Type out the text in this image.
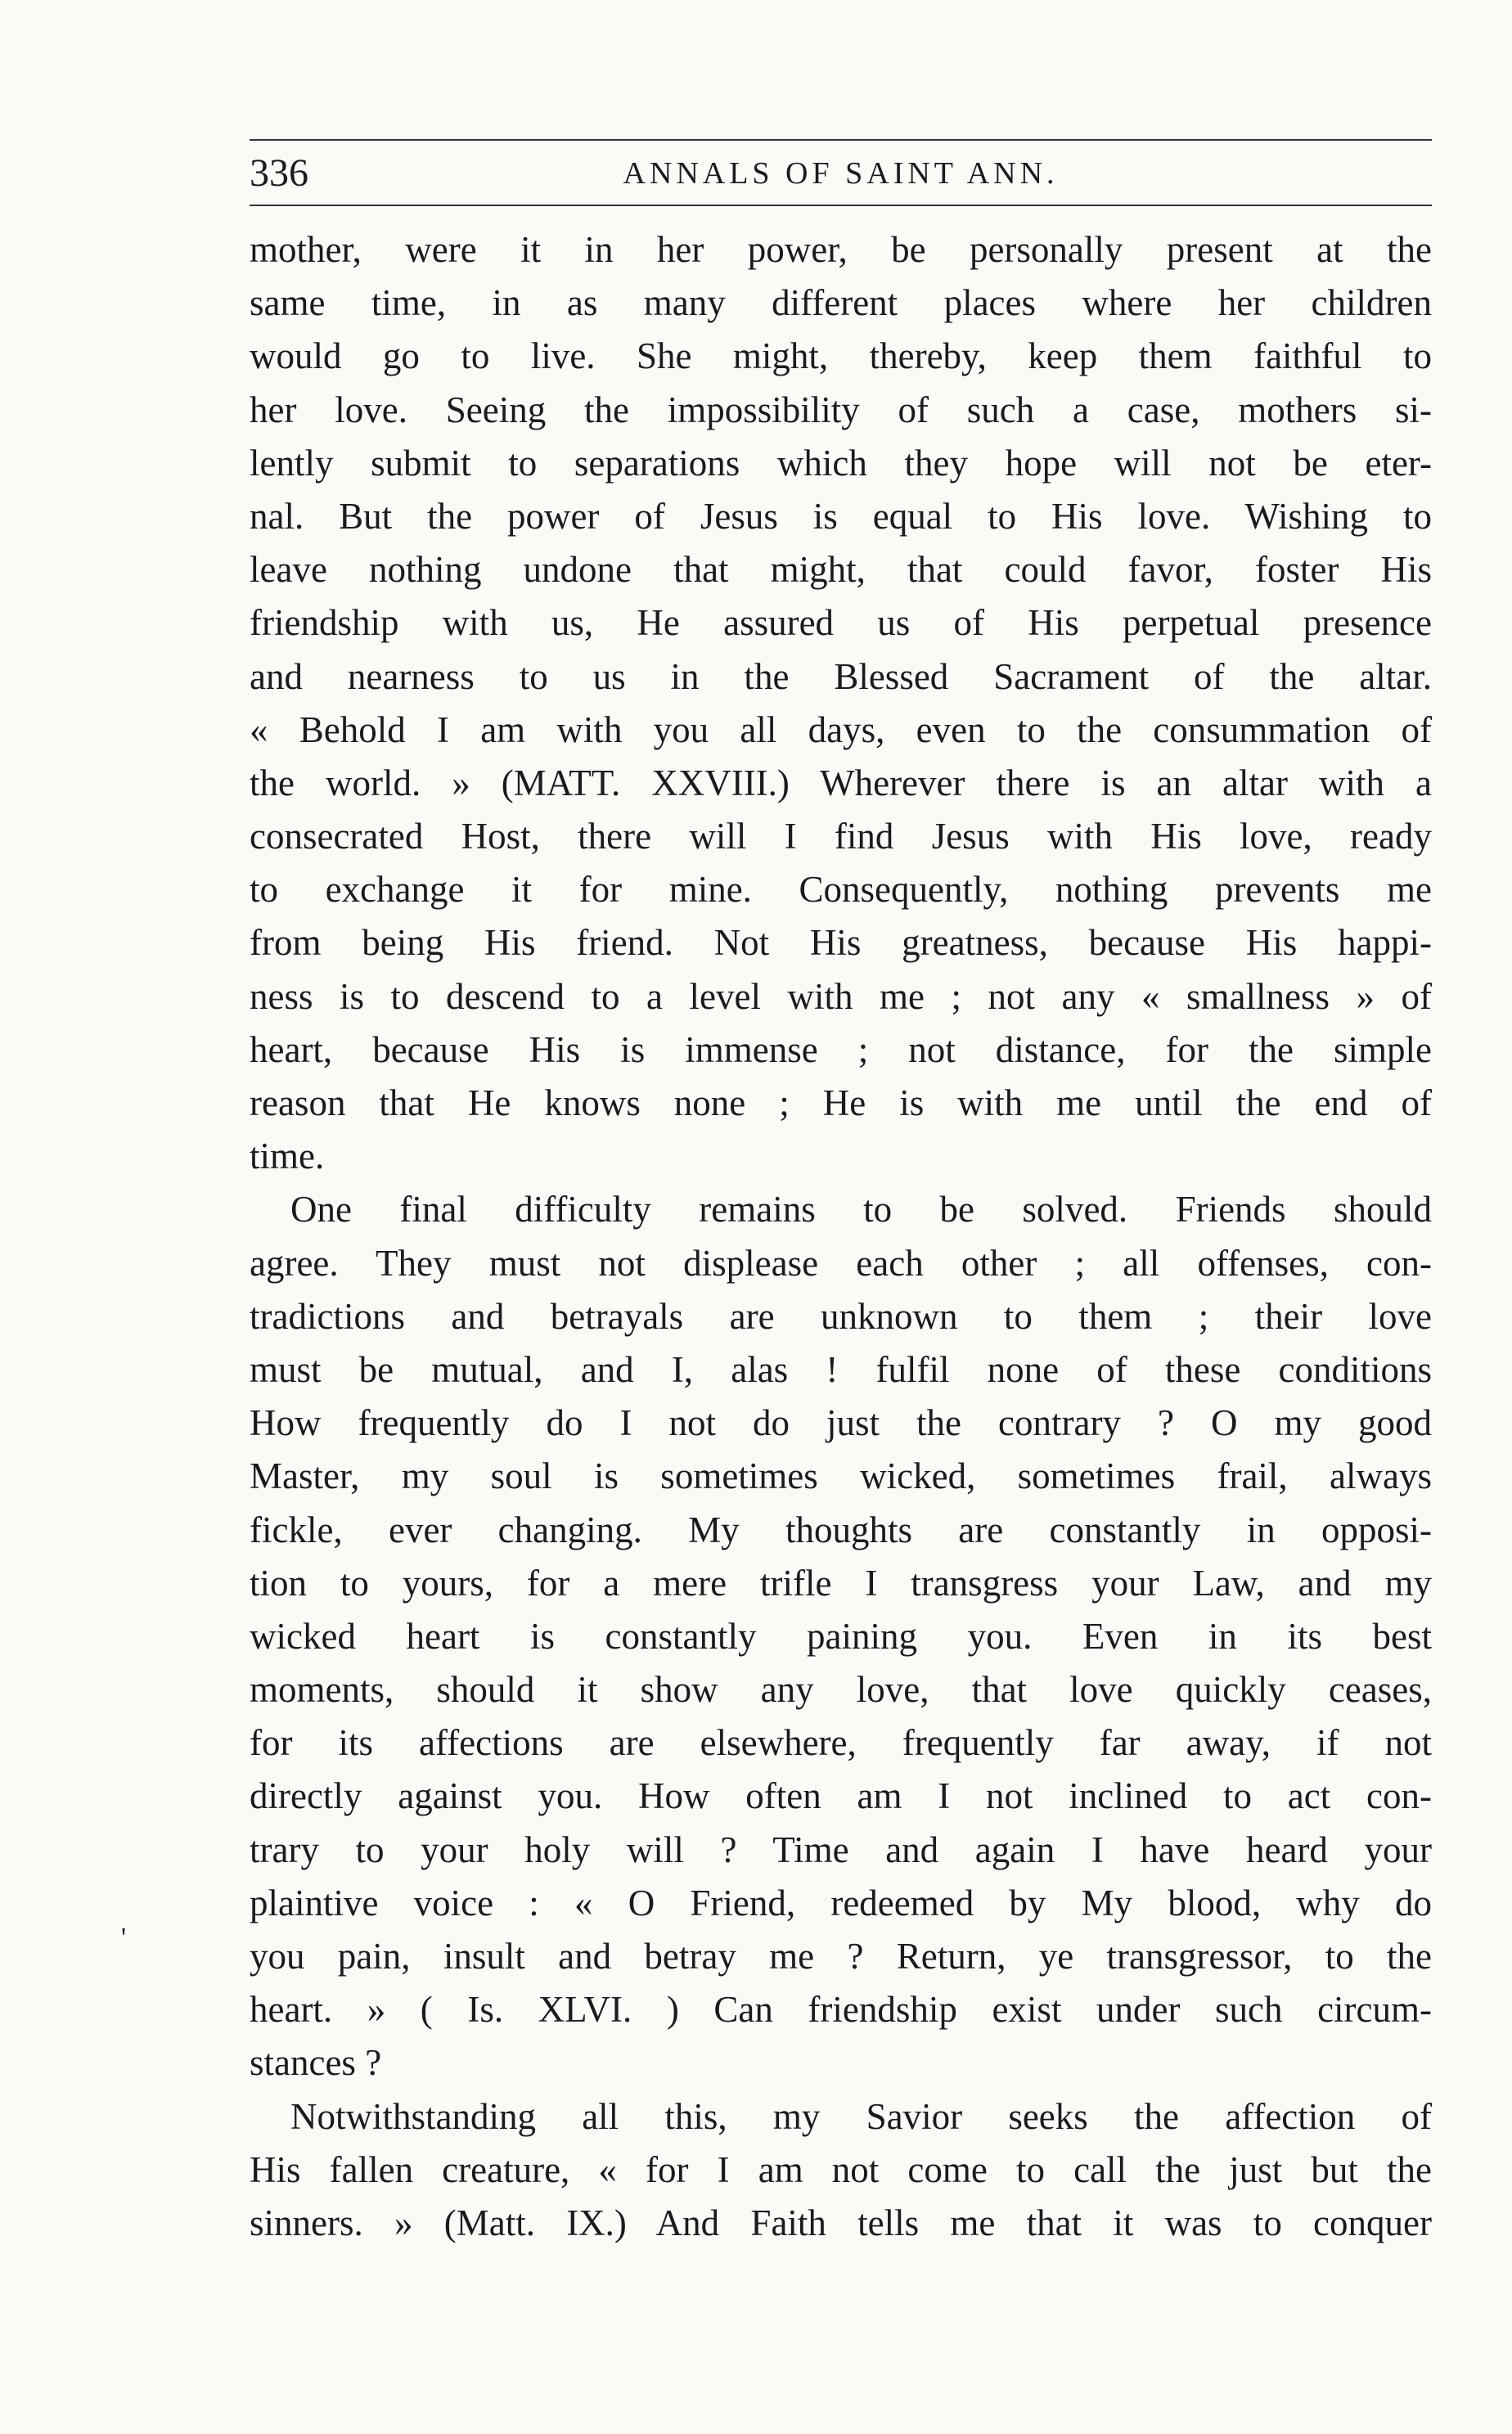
336	ANNALS OF SAINT ANN.
mother, were it in her power, be personally present at the
same time, in as many different places where her children
would go to live. She might, thereby, keep them faithful to
her love. Seeing the impossibility of such a case, mothers si-
lently submit to separations which they hope will not be eter-
nal. But the power of Jesus is equal to His love. Wishing to
leave nothing undone that might, that could favor, foster His
friendship with us, He assured us of His perpetual presence
and nearness to us in the Blessed Sacrament of the altar.
« Behold I am with you all days, even to the consummation of
the world. » (MATT. XXVIII.) Wherever there is an altar with a
consecrated Host, there will I find Jesus with His love, ready
to exchange it for mine. Consequently, nothing prevents me
from being His friend. Not His greatness, because His happi-
ness is to descend to a level with me ; not any « smallness » of
heart, because His is immense ; not distance, for the simple
reason that He knows none ; He is with me until the end of
time.
One final difficulty remains to be solved. Friends should
agree. They must not displease each other ; all offenses, con-
tradictions and betrayals are unknown to them ; their love
must be mutual, and I, alas ! fulfil none of these conditions
How frequently do I not do just the contrary ? O my good
Master, my soul is sometimes wicked, sometimes frail, always
fickle, ever changing. My thoughts are constantly in opposi-
tion to yours, for a mere trifle I transgress your Law, and my
wicked heart is constantly paining you. Even in its best
moments, should it show any love, that love quickly ceases,
for its affections are elsewhere, frequently far away, if not
directly against you. How often am I not inclined to act con-
trary to your holy will ? Time and again I have heard your
plaintive voice : « O Friend, redeemed by My blood, why do
you pain, insult and betray me ? Return, ye transgressor, to the
heart. » ( Is. XLVI. ) Can friendship exist under such circum-
stances ?
Notwithstanding all this, my Savior seeks the affection of
His fallen creature, « for I am not come to call the just but the
sinners. » (Matt. IX.) And Faith tells me that it was to conquer
'
